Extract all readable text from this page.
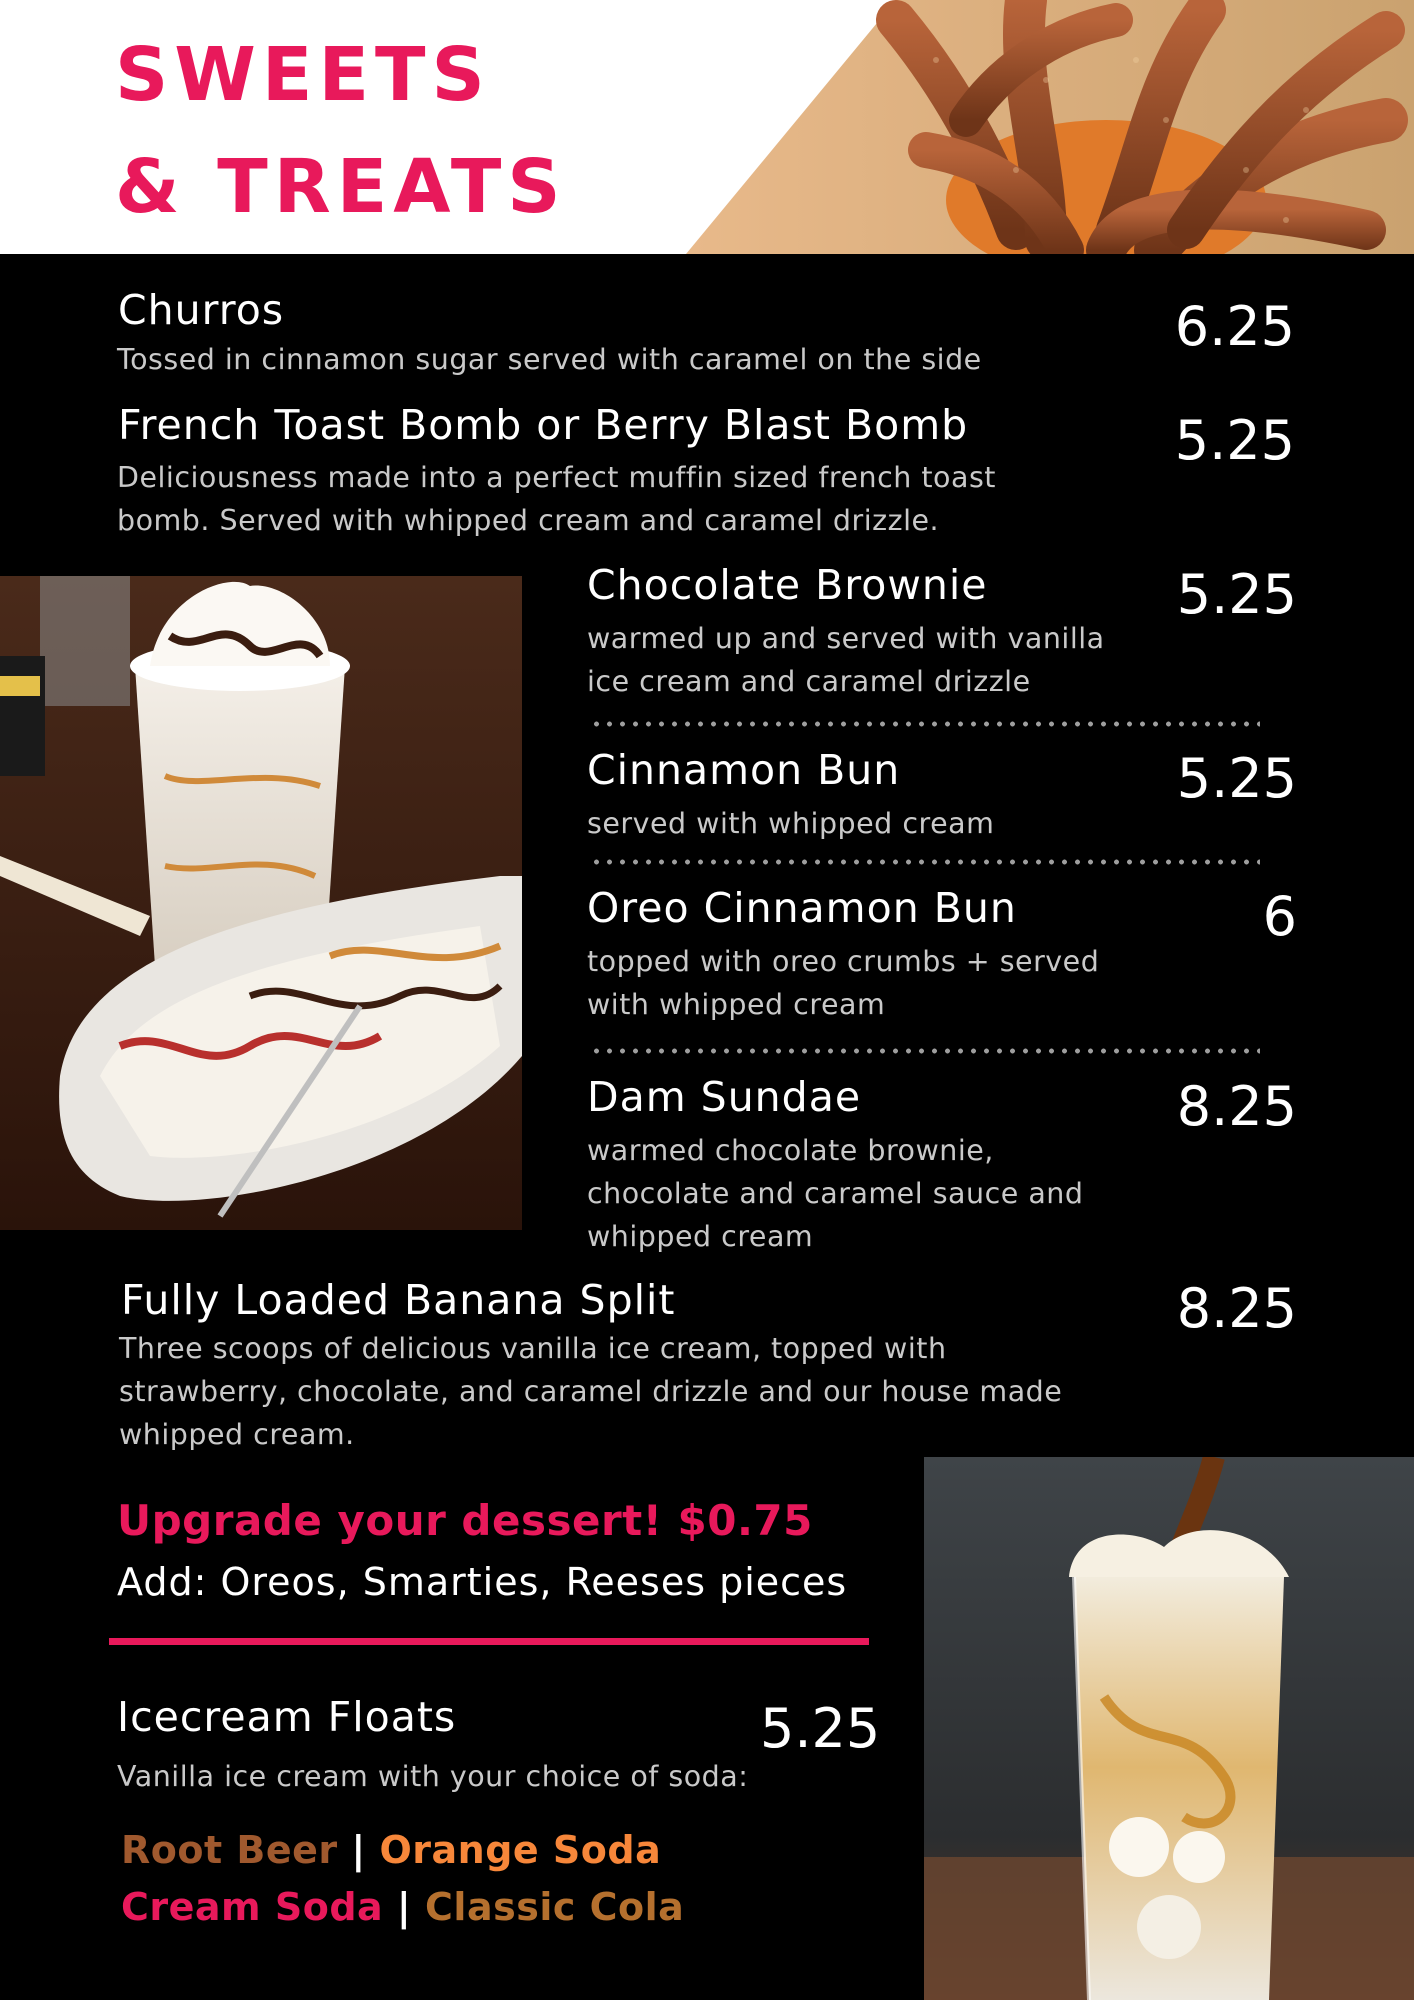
SWEETS
& TREATS
Churros
Tossed in cinnamon sugar served with caramel on the side
6.25
French Toast Bomb or Berry Blast Bomb
Deliciousness made into a perfect muffin sized french toast
bomb. Served with whipped cream and caramel drizzle.
5.25
Chocolate Brownie
warmed up and served with vanilla
ice cream and caramel drizzle
5.25
Cinnamon Bun
served with whipped cream
5.25
Oreo Cinnamon Bun
topped with oreo crumbs + served
with whipped cream
6
Dam Sundae
warmed chocolate brownie,
chocolate and caramel sauce and
whipped cream
8.25
Fully Loaded Banana Split
Three scoops of delicious vanilla ice cream, topped with
strawberry, chocolate, and caramel drizzle and our house made
whipped cream.
8.25
Upgrade your dessert! $0.75
Add: Oreos, Smarties, Reeses pieces
Icecream Floats	5.25
Vanilla ice cream with your choice of soda:
Root Beer | Orange Soda
Cream Soda | Classic Cola
